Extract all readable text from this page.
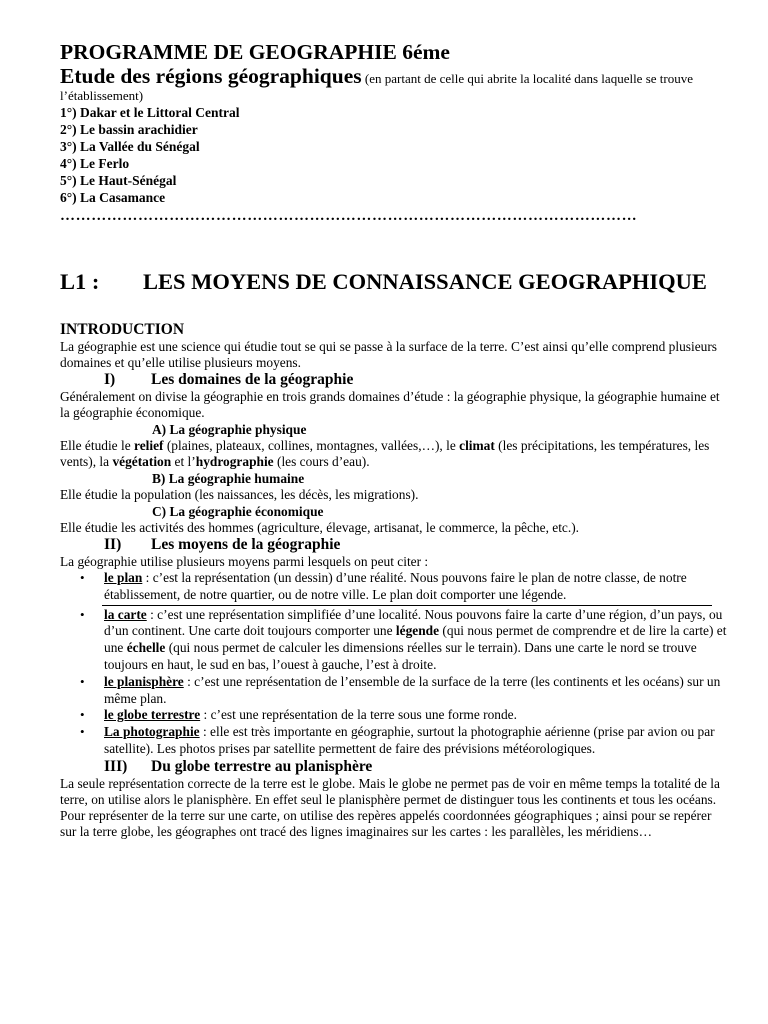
PROGRAMME DE GEOGRAPHIE 6éme

Etude des régions géographiques (en partant de celle qui abrite la localité dans laquelle se trouve l’établissement)

1°) Dakar et le Littoral Central
2°) Le bassin arachidier
3°) La Vallée du Sénégal
4°) Le Ferlo
5°) Le Haut-Sénégal
6°) La Casamance
…………………………………………………………………………………………………
L1 :	LES MOYENS DE CONNAISSANCE GEOGRAPHIQUE
INTRODUCTION

La géographie est une science qui étudie tout se qui se passe à la surface de la terre. C’est ainsi qu’elle comprend plusieurs domaines et qu’elle utilise plusieurs moyens.

I)	Les domaines de la géographie

Généralement on divise la géographie en trois grands domaines d’étude : la géographie physique, la géographie humaine et la géographie économique.

A) La géographie physique

Elle étudie le relief (plaines, plateaux, collines, montagnes, vallées,…), le climat (les précipitations, les températures, les vents), la végétation et l’hydrographie (les cours d’eau).

B) La géographie humaine

Elle étudie la population (les naissances, les décès, les migrations).

C) La géographie économique

Elle étudie les activités des hommes (agriculture, élevage, artisanat, le commerce, la pêche, etc.).

II)	Les moyens de la géographie

La géographie utilise plusieurs moyens parmi lesquels on peut citer :

• le plan : c’est la représentation (un dessin) d’une réalité. Nous pouvons faire le plan de notre classe, de notre établissement, de notre quartier, ou de notre ville. Le plan doit comporter une légende.
• la carte : c’est une représentation simplifiée d’une localité. Nous pouvons faire la carte d’une région, d’un pays, ou d’un continent. Une carte doit toujours comporter une légende (qui nous permet de comprendre et de lire la carte) et une échelle (qui nous permet de calculer les dimensions réelles sur le terrain). Dans une carte le nord se trouve toujours en haut, le sud en bas, l’ouest à gauche, l’est à droite.
• le planisphère : c’est une représentation de l’ensemble de la surface de la terre (les continents et les océans) sur un même plan.
• le globe terrestre : c’est une représentation de la terre sous une forme ronde.
• La photographie : elle est très importante en géographie, surtout la photographie aérienne (prise par avion ou par satellite). Les photos prises par satellite permettent de faire des prévisions météorologiques.
III)	Du globe terrestre au planisphère

La seule représentation correcte de la terre est le globe. Mais le globe ne permet pas de voir en même temps la totalité de la terre, on utilise alors le planisphère. En effet seul le planisphère permet de distinguer tous les continents et tous les océans.

Pour représenter de la terre sur une carte, on utilise des repères appelés coordonnées géographiques ; ainsi pour se repérer sur la terre globe, les géographes ont tracé des lignes imaginaires sur les cartes : les parallèles, les méridiens…
